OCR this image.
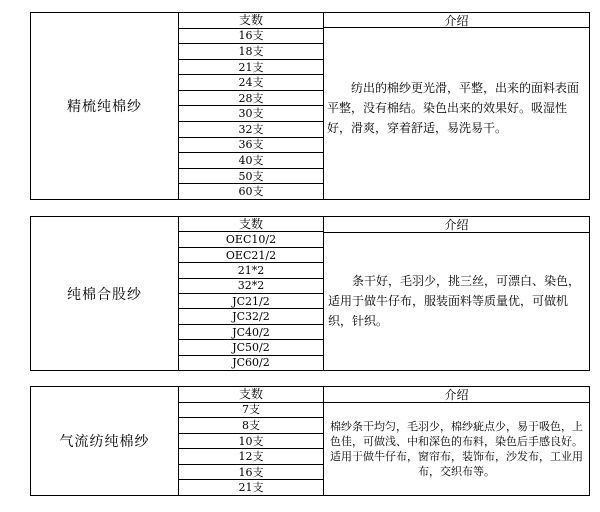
精梳纯棉纱
支数
16支
18支
21支
24支
28支
30支
32支
36支
40支
50支
60支
介绍
纺出的棉纱更光滑，平整，出来的面料表面平整，没有棉结。染色出来的效果好。吸湿性好，滑爽，穿着舒适，易洗易干。
纯棉合股纱
支数
OEC10/2
OEC21/2
21*2
32*2
JC21/2
JC32/2
JC40/2
JC50/2
JC60/2
介绍
条干好，毛羽少，挑三丝，可漂白、染色，适用于做牛仔布，服装面料等质量优，可做机织，针织。
气流纺纯棉纱
支数
7支
8支
10支
12支
16支
21支
介绍
棉纱条干均匀，毛羽少，棉纱疵点少，易于吸色，上色佳，可做浅、中和深色的布料，染色后手感良好。适用于做牛仔布，窗帘布，装饰布，沙发布，工业用布，交织布等。
